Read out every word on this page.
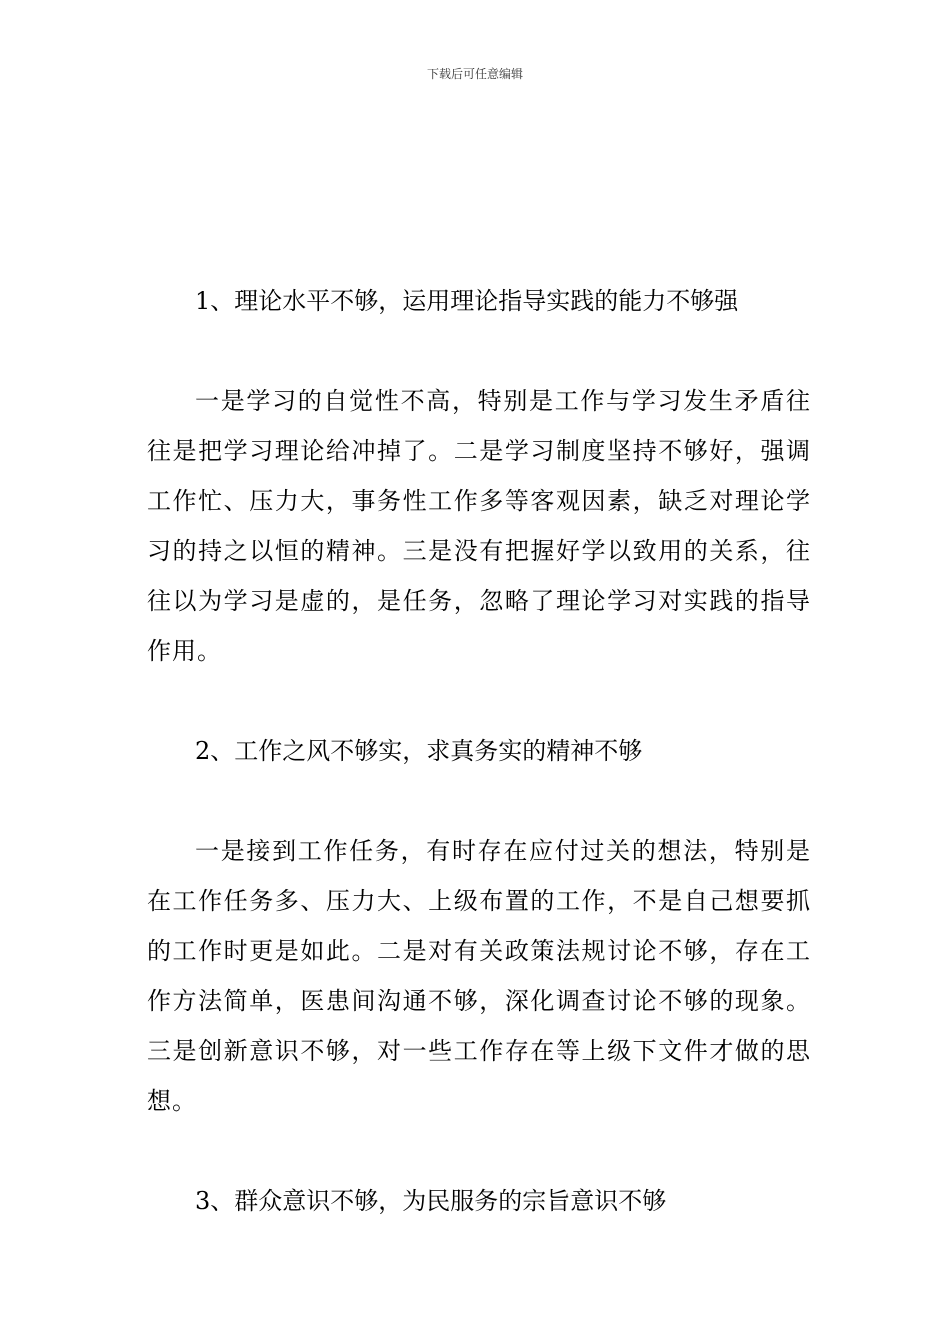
下载后可任意编辑

1、理论水平不够，运用理论指导实践的能力不够强

一是学习的自觉性不高，特别是工作与学习发生矛盾往往是把学习理论给冲掉了。二是学习制度坚持不够好，强调工作忙、压力大，事务性工作多等客观因素，缺乏对理论学习的持之以恒的精神。三是没有把握好学以致用的关系，往往以为学习是虚的，是任务，忽略了理论学习对实践的指导作用。

2、工作之风不够实，求真务实的精神不够

一是接到工作任务，有时存在应付过关的想法，特别是在工作任务多、压力大、上级布置的工作，不是自己想要抓的工作时更是如此。二是对有关政策法规讨论不够，存在工作方法简单，医患间沟通不够，深化调查讨论不够的现象。三是创新意识不够，对一些工作存在等上级下文件才做的思想。

3、群众意识不够，为民服务的宗旨意识不够
